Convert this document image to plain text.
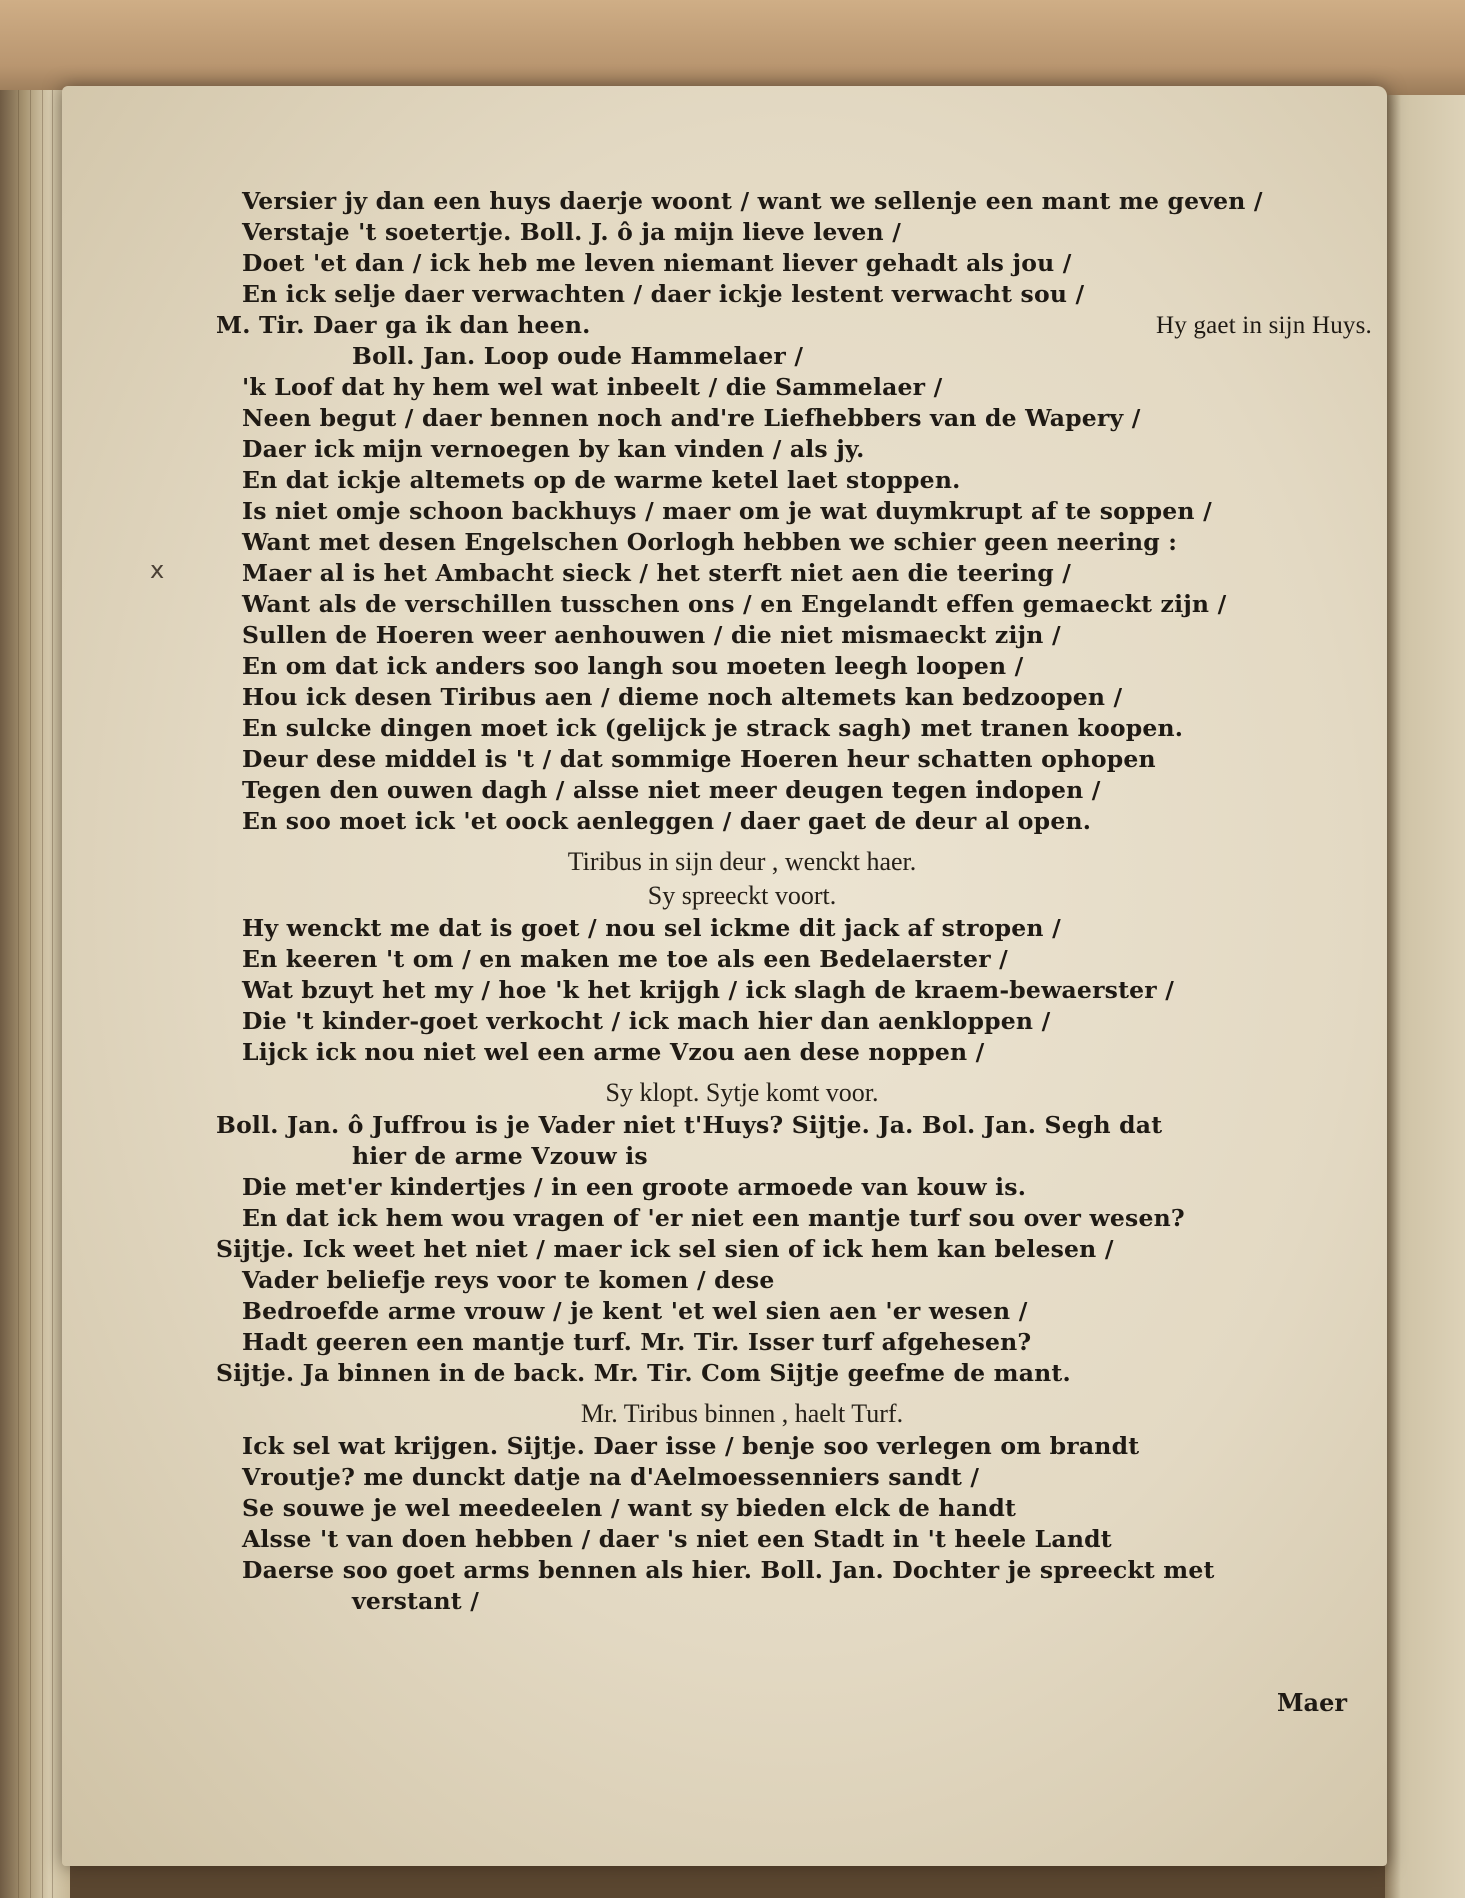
x
Versier jy dan een huys daerje woont / want we sellenje een mant me geven /
Verstaje 't soetertje. Boll. J. ô ja mijn lieve leven /
Doet 'et dan / ick heb me leven niemant liever gehadt als jou /
En ick selje daer verwachten / daer ickje lestent verwacht sou /
M. Tir. Daer ga ik dan heen.	Hy gaet in sijn Huys.
Boll. Jan. Loop oude Hammelaer /
'k Loof dat hy hem wel wat inbeelt / die Sammelaer /
Neen begut / daer bennen noch and're Liefhebbers van de Wapery /
Daer ick mijn vernoegen by kan vinden / als jy.
En dat ickje altemets op de warme ketel laet stoppen.
Is niet omje schoon backhuys / maer om je wat duymkrupt af te soppen /
Want met desen Engelschen Oorlogh hebben we schier geen neering :
Maer al is het Ambacht sieck / het sterft niet aen die teering /
Want als de verschillen tusschen ons / en Engelandt effen gemaeckt zijn /
Sullen de Hoeren weer aenhouwen / die niet mismaeckt zijn /
En om dat ick anders soo langh sou moeten leegh loopen /
Hou ick desen Tiribus aen / dieme noch altemets kan bedzoopen /
En sulcke dingen moet ick (gelijck je strack sagh) met tranen koopen.
Deur dese middel is 't / dat sommige Hoeren heur schatten ophopen
Tegen den ouwen dagh / alsse niet meer deugen tegen indopen /
En soo moet ick 'et oock aenleggen / daer gaet de deur al open.
Tiribus in sijn deur , wenckt haer.
Sy spreeckt voort.
Hy wenckt me dat is goet / nou sel ickme dit jack af stropen /
En keeren 't om / en maken me toe als een Bedelaerster /
Wat bzuyt het my / hoe 'k het krijgh / ick slagh de kraem-bewaerster /
Die 't kinder-goet verkocht / ick mach hier dan aenkloppen /
Lijck ick nou niet wel een arme Vzou aen dese noppen /
Sy klopt. Sytje komt voor.
Boll. Jan. ô Juffrou is je Vader niet t'Huys? Sijtje. Ja. Bol. Jan. Segh dat
hier de arme Vzouw is
Die met'er kindertjes / in een groote armoede van kouw is.
En dat ick hem wou vragen of 'er niet een mantje turf sou over wesen?
Sijtje. Ick weet het niet / maer ick sel sien of ick hem kan belesen /
Vader beliefje reys voor te komen / dese
Bedroefde arme vrouw / je kent 'et wel sien aen 'er wesen /
Hadt geeren een mantje turf. Mr. Tir. Isser turf afgehesen?
Sijtje. Ja binnen in de back. Mr. Tir. Com Sijtje geefme de mant.
Mr. Tiribus binnen , haelt Turf.
Ick sel wat krijgen. Sijtje. Daer isse / benje soo verlegen om brandt
Vroutje? me dunckt datje na d'Aelmoessenniers sandt /
Se souwe je wel meedeelen / want sy bieden elck de handt
Alsse 't van doen hebben / daer 's niet een Stadt in 't heele Landt
Daerse soo goet arms bennen als hier. Boll. Jan. Dochter je spreeckt met
verstant /
Maer
